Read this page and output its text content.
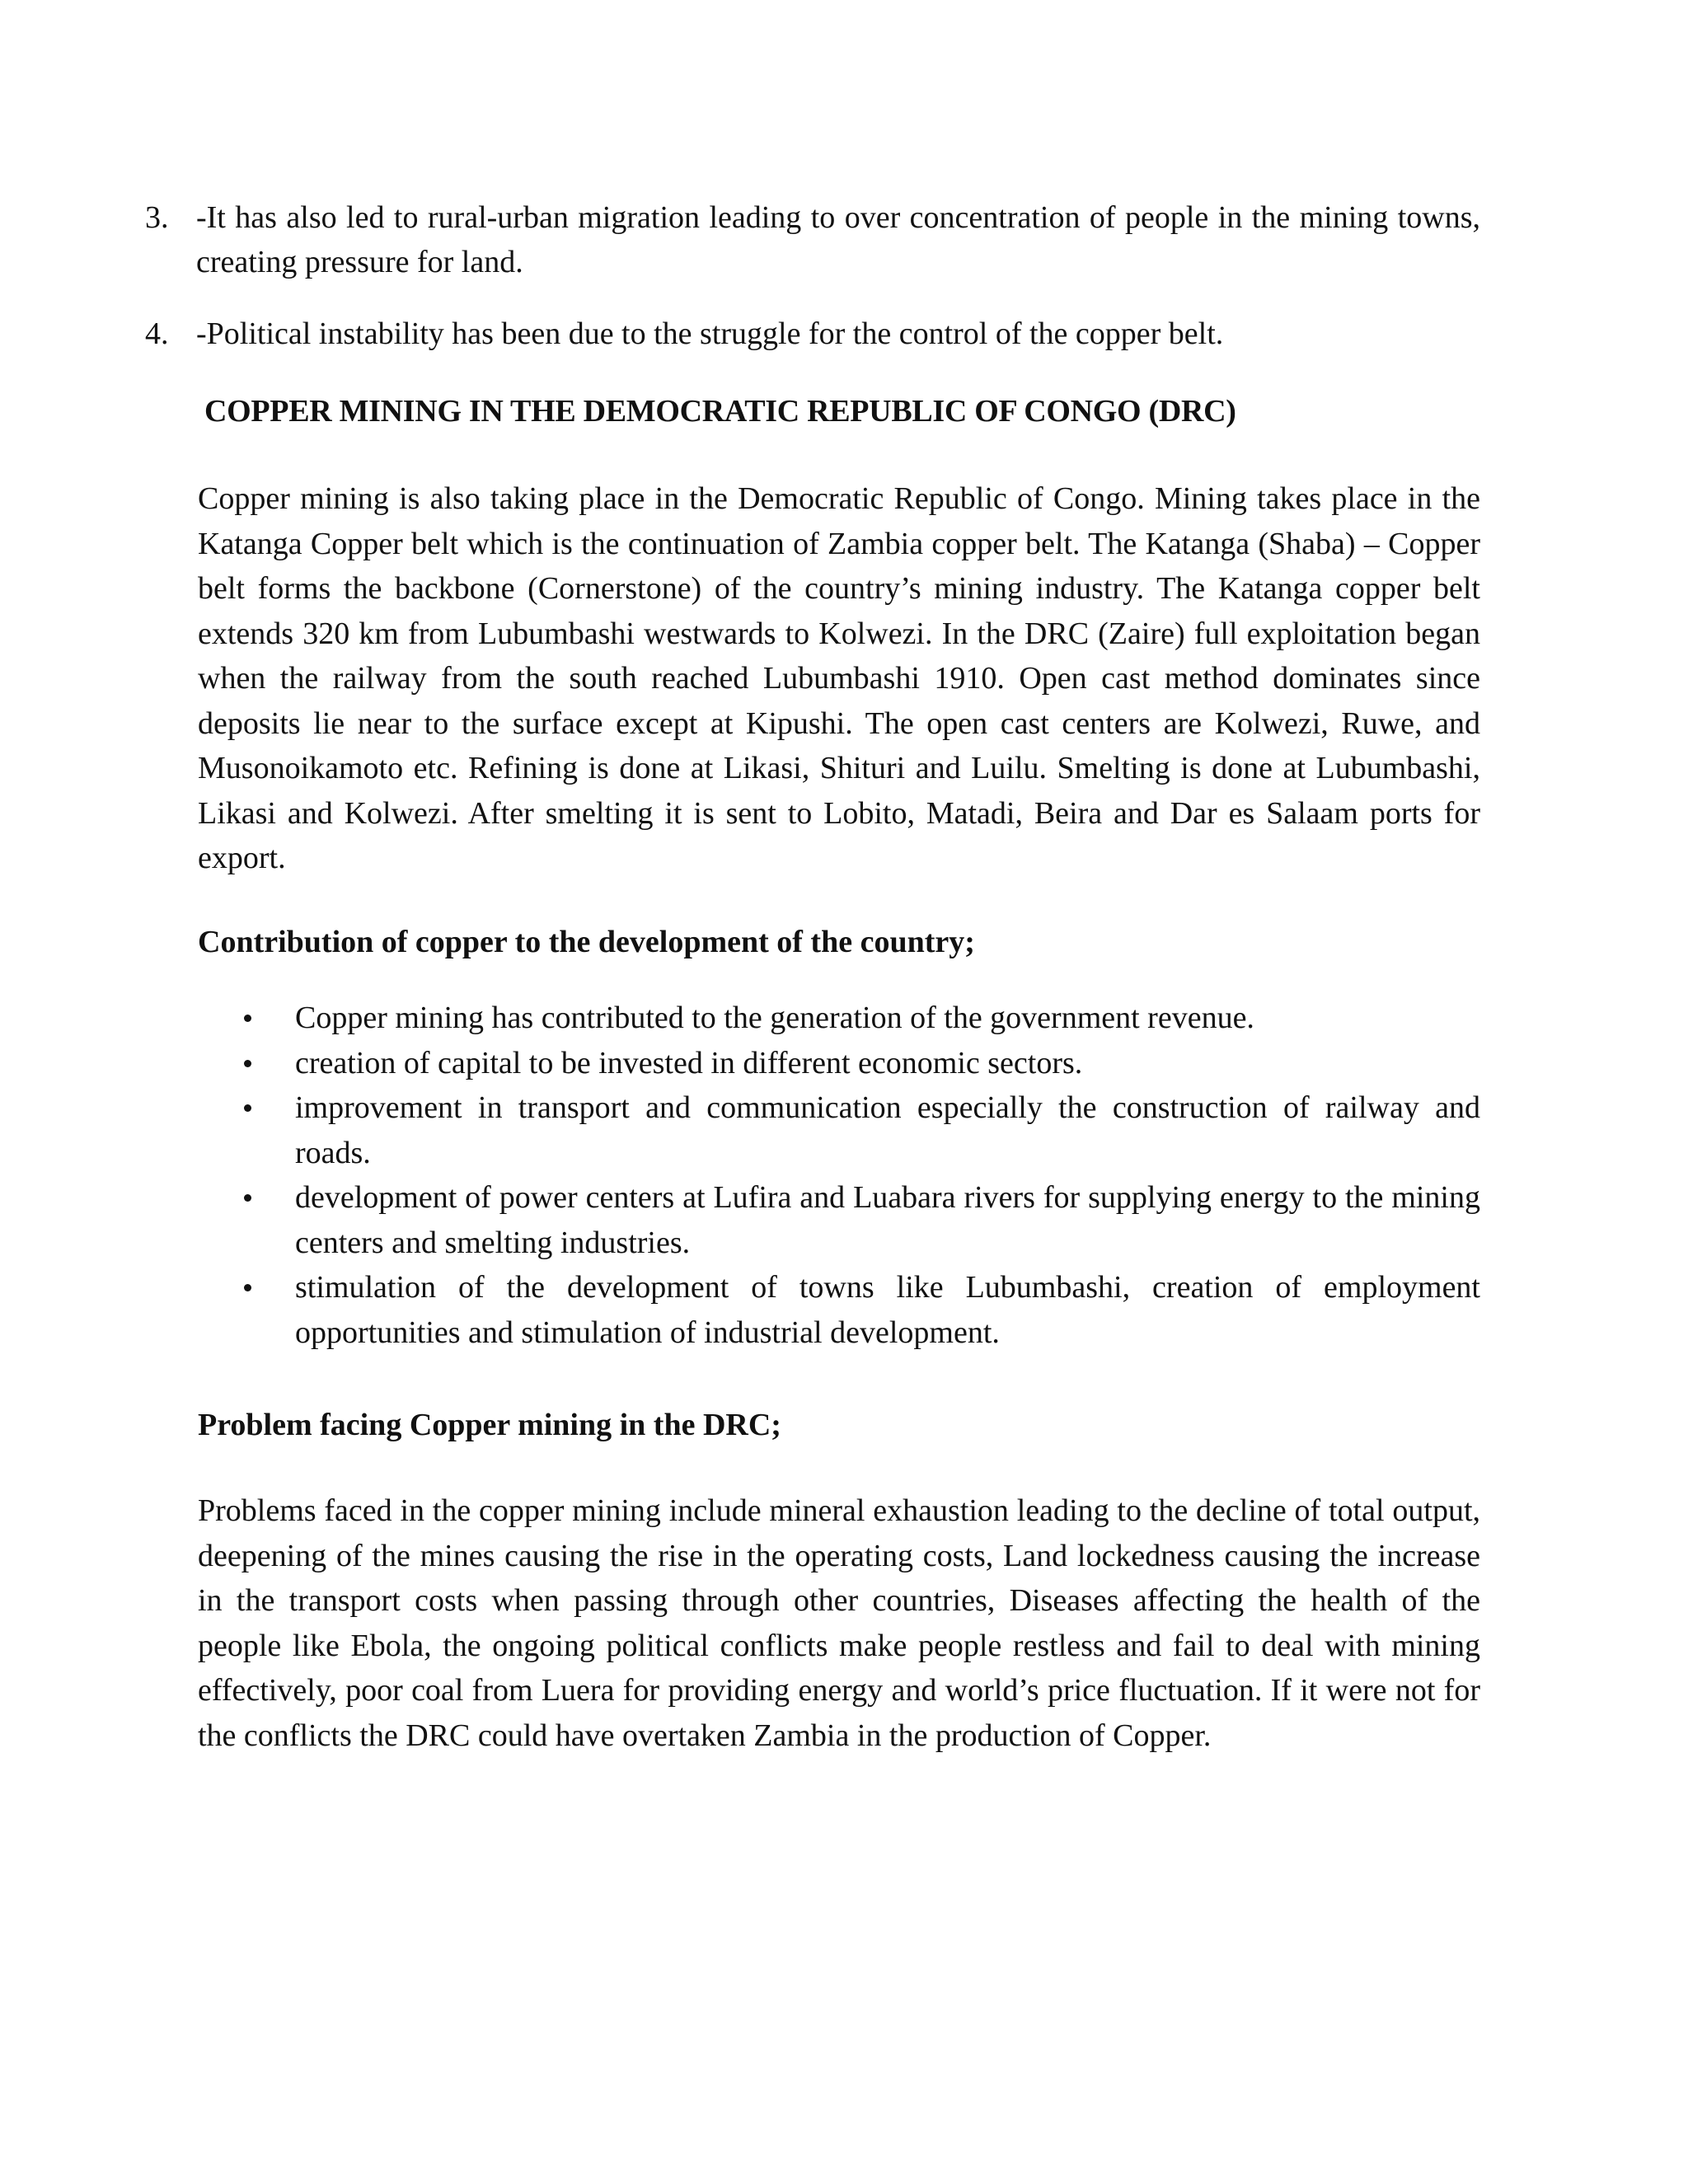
3. -It has also led to rural-urban migration leading to over concentration of people in the mining towns, creating pressure for land.
4. -Political instability has been due to the struggle for the control of the copper belt.
COPPER MINING IN THE DEMOCRATIC REPUBLIC OF CONGO (DRC)

Copper mining is also taking place in the Democratic Republic of Congo. Mining takes place in the Katanga Copper belt which is the continuation of Zambia copper belt. The Katanga (Shaba) – Copper belt forms the backbone (Cornerstone) of the country’s mining industry. The Katanga copper belt extends 320 km from Lubumbashi westwards to Kolwezi. In the DRC (Zaire) full exploitation began when the railway from the south reached Lubumbashi 1910. Open cast method dominates since deposits lie near to the surface except at Kipushi. The open cast centers are Kolwezi, Ruwe, and Musonoikamoto etc. Refining is done at Likasi, Shituri and Luilu. Smelting is done at Lubumbashi, Likasi and Kolwezi. After smelting it is sent to Lobito, Matadi, Beira and Dar es Salaam ports for export.

Contribution of copper to the development of the country;
Copper mining has contributed to the generation of the government revenue.
creation of capital to be invested in different economic sectors.
improvement in transport and communication especially the construction of railway and roads.
development of power centers at Lufira and Luabara rivers for supplying energy to the mining centers and smelting industries.
stimulation of the development of towns like Lubumbashi, creation of employment opportunities and stimulation of industrial development.
Problem facing Copper mining in the DRC;

Problems faced in the copper mining include mineral exhaustion leading to the decline of total output, deepening of the mines causing the rise in the operating costs, Land lockedness causing the increase in the transport costs when passing through other countries, Diseases affecting the health of the people like Ebola, the ongoing political conflicts make people restless and fail to deal with mining effectively, poor coal from Luera for providing energy and world’s price fluctuation. If it were not for the conflicts the DRC could have overtaken Zambia in the production of Copper.
